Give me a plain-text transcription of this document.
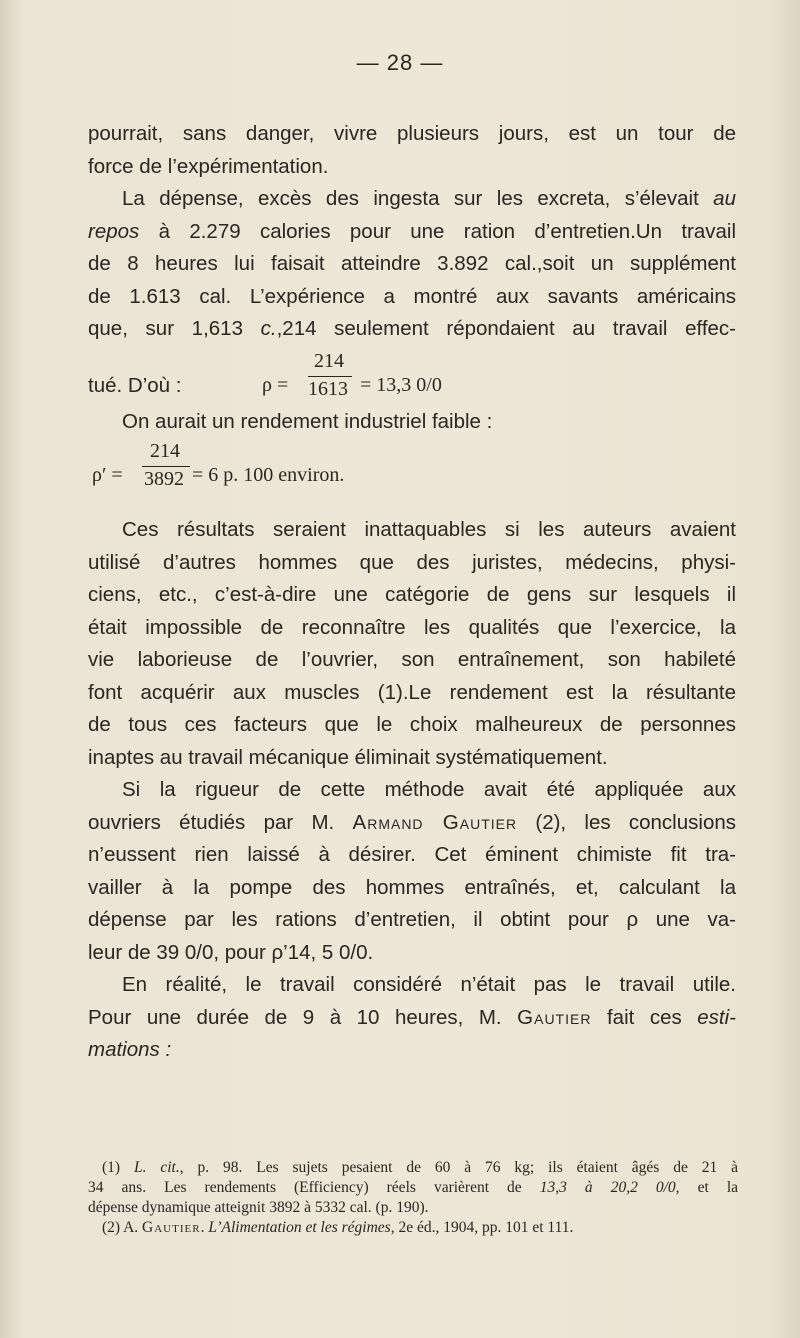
— 28 —
pourrait, sans danger, vivre plusieurs jours, est un tour de
force de l’expérimentation.
La dépense, excès des ingesta sur les excreta, s’élevait au
repos à 2.279 calories pour une ration d’entretien.Un travail
de 8 heures lui faisait atteindre 3.892 cal.,soit un supplément
de 1.613 cal. L’expérience a montré aux savants américains
que, sur 1,613 c.,214 seulement répondaient au travail effec-
tué. D’où :	ρ =
214
1613 = 13,3 0/0
On aurait un rendement industriel faible :
ρ′ =
214
3892 = 6 p. 100 environ.
Ces résultats seraient inattaquables si les auteurs avaient
utilisé d’autres hommes que des juristes, médecins, physi-
ciens, etc., c’est-à-dire une catégorie de gens sur lesquels il
était impossible de reconnaître les qualités que l’exercice, la
vie laborieuse de l’ouvrier, son entraînement, son habileté
font acquérir aux muscles (1).Le rendement est la résultante
de tous ces facteurs que le choix malheureux de personnes
inaptes au travail mécanique éliminait systématiquement.
Si la rigueur de cette méthode avait été appliquée aux
ouvriers étudiés par M. Armand Gautier (2), les conclusions
n’eussent rien laissé à désirer. Cet éminent chimiste fit tra-
vailler à la pompe des hommes entraînés, et, calculant la
dépense par les rations d’entretien, il obtint pour ρ une va-
leur de 39 0/0, pour ρ’14, 5 0/0.
En réalité, le travail considéré n’était pas le travail utile.
Pour une durée de 9 à 10 heures, M. Gautier fait ces esti-
mations :
(1) L. cit., p. 98. Les sujets pesaient de 60 à 76 kg; ils étaient âgés de 21 à
34 ans. Les rendements (Efficiency) réels varièrent de 13,3 à 20,2 0/0, et la
dépense dynamique atteignit 3892 à 5332 cal. (p. 190).
(2) A. Gautier. L’Alimentation et les régimes, 2e éd., 1904, pp. 101 et 111.
